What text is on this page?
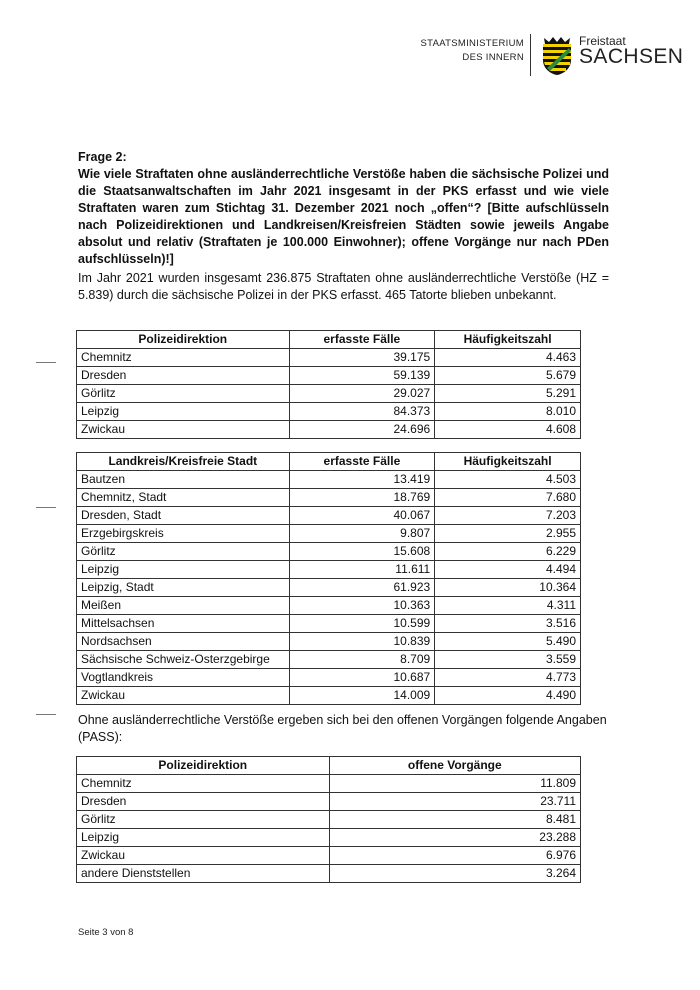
STAATSMINISTERIUM
DES INNERN
Freistaat
SACHSEN
Frage 2:
Wie viele Straftaten ohne ausländerrechtliche Verstöße haben die sächsische Polizei und die Staatsanwaltschaften im Jahr 2021 insgesamt in der PKS erfasst und wie viele Straftaten waren zum Stichtag 31. Dezember 2021 noch „offen“? [Bitte aufschlüsseln nach Polizeidirektionen und Landkreisen/Kreisfreien Städten sowie jeweils Angabe absolut und relativ (Straftaten je 100.000 Einwohner); offene Vorgänge nur nach PDen aufschlüsseln)!]
Im Jahr 2021 wurden insgesamt 236.875 Straftaten ohne ausländerrechtliche Verstöße (HZ = 5.839) durch die sächsische Polizei in der PKS erfasst. 465 Tatorte blieben unbekannt.
Polizeidirektion	erfasste Fälle	Häufigkeitszahl
Chemnitz	39.175	4.463
Dresden	59.139	5.679
Görlitz	29.027	5.291
Leipzig	84.373	8.010
Zwickau	24.696	4.608
Landkreis/Kreisfreie Stadt	erfasste Fälle	Häufigkeitszahl
Bautzen	13.419	4.503
Chemnitz, Stadt	18.769	7.680
Dresden, Stadt	40.067	7.203
Erzgebirgskreis	9.807	2.955
Görlitz	15.608	6.229
Leipzig	11.611	4.494
Leipzig, Stadt	61.923	10.364
Meißen	10.363	4.311
Mittelsachsen	10.599	3.516
Nordsachsen	10.839	5.490
Sächsische Schweiz-Osterzgebirge	8.709	3.559
Vogtlandkreis	10.687	4.773
Zwickau	14.009	4.490
Ohne ausländerrechtliche Verstöße ergeben sich bei den offenen Vorgängen folgende Angaben (PASS):
Polizeidirektion	offene Vorgänge
Chemnitz	11.809
Dresden	23.711
Görlitz	8.481
Leipzig	23.288
Zwickau	6.976
andere Dienststellen	3.264
Seite 3 von 8
